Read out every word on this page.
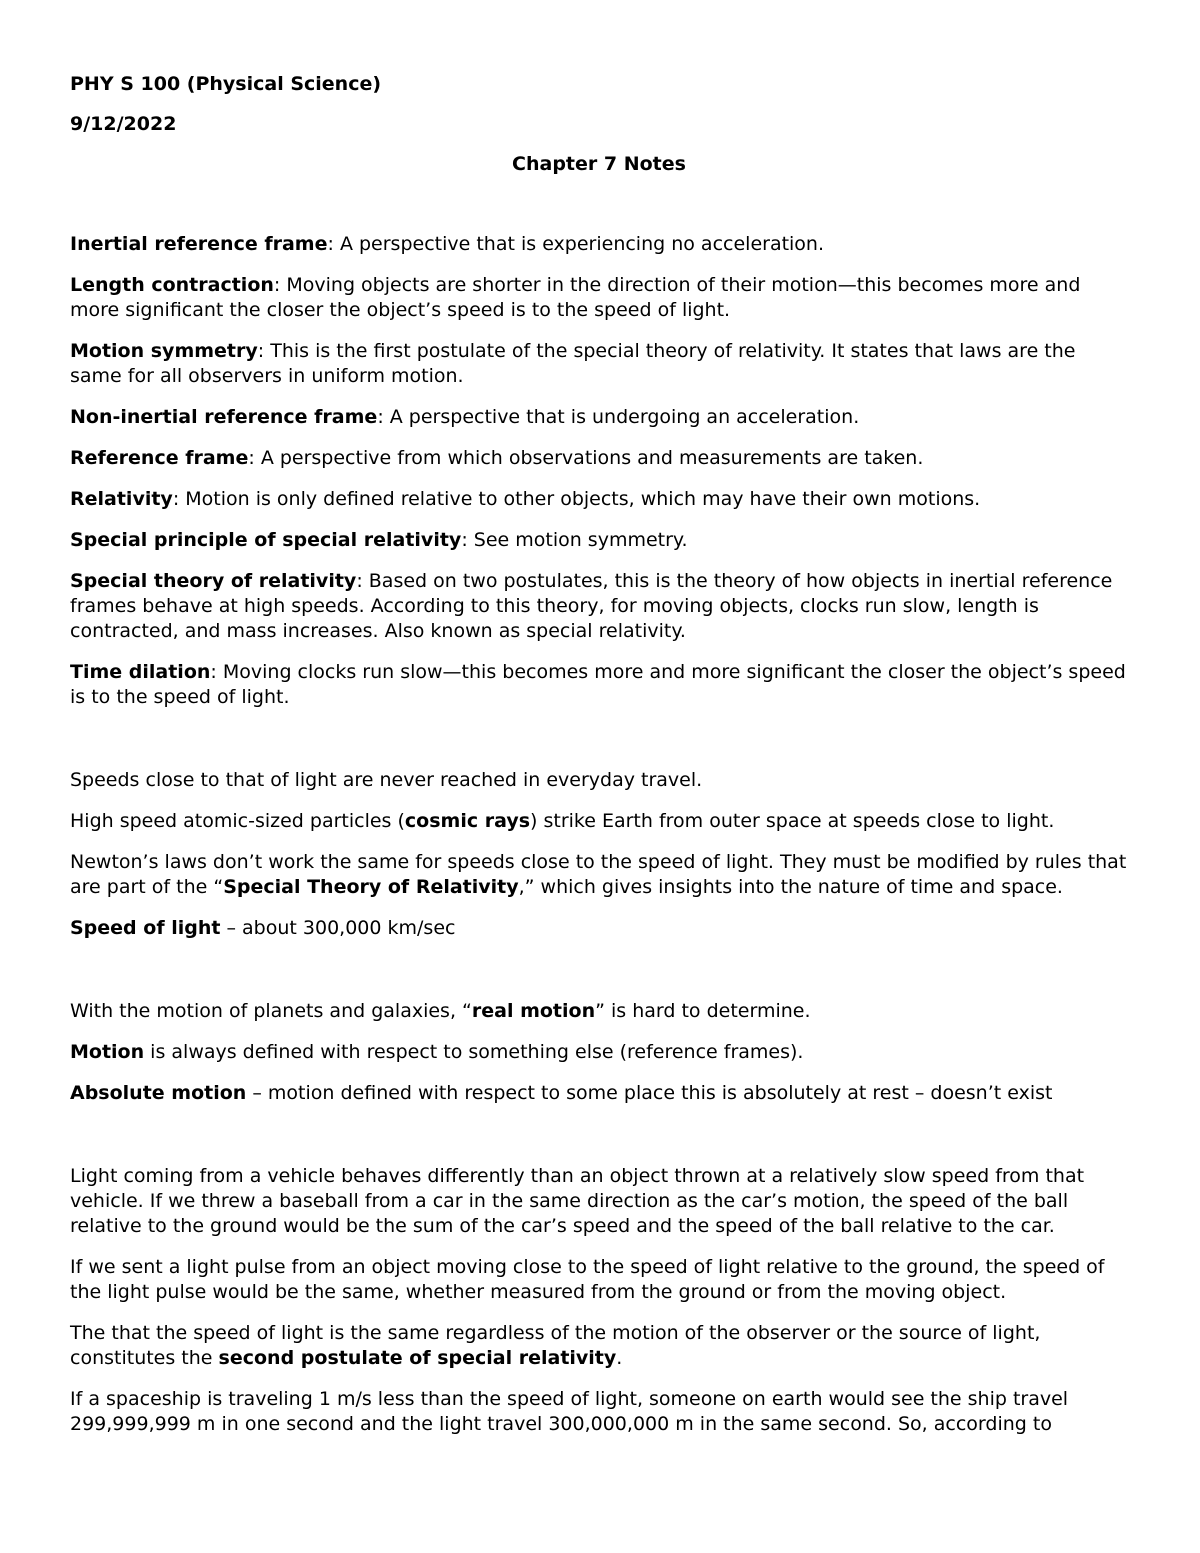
PHY S 100 (Physical Science)

9/12/2022

Chapter 7 Notes

Inertial reference frame: A perspective that is experiencing no acceleration.

Length contraction: Moving objects are shorter in the direction of their motion—this becomes more and more significant the closer the object’s speed is to the speed of light.

Motion symmetry: This is the first postulate of the special theory of relativity. It states that laws are the same for all observers in uniform motion.

Non-inertial reference frame: A perspective that is undergoing an acceleration.

Reference frame: A perspective from which observations and measurements are taken.

Relativity: Motion is only defined relative to other objects, which may have their own motions.

Special principle of special relativity: See motion symmetry.

Special theory of relativity: Based on two postulates, this is the theory of how objects in inertial reference frames behave at high speeds. According to this theory, for moving objects, clocks run slow, length is contracted, and mass increases. Also known as special relativity.

Time dilation: Moving clocks run slow—this becomes more and more significant the closer the object’s speed is to the speed of light.

Speeds close to that of light are never reached in everyday travel.

High speed atomic-sized particles (cosmic rays) strike Earth from outer space at speeds close to light.

Newton’s laws don’t work the same for speeds close to the speed of light. They must be modified by rules that are part of the “Special Theory of Relativity,” which gives insights into the nature of time and space.

Speed of light – about 300,000 km/sec

With the motion of planets and galaxies, “real motion” is hard to determine.

Motion is always defined with respect to something else (reference frames).

Absolute motion – motion defined with respect to some place this is absolutely at rest – doesn’t exist

Light coming from a vehicle behaves differently than an object thrown at a relatively slow speed from that vehicle. If we threw a baseball from a car in the same direction as the car’s motion, the speed of the ball relative to the ground would be the sum of the car’s speed and the speed of the ball relative to the car.

If we sent a light pulse from an object moving close to the speed of light relative to the ground, the speed of the light pulse would be the same, whether measured from the ground or from the moving object.

The that the speed of light is the same regardless of the motion of the observer or the source of light, constitutes the second postulate of special relativity.

If a spaceship is traveling 1 m/s less than the speed of light, someone on earth would see the ship travel 299,999,999 m in one second and the light travel 300,000,000 m in the same second. So, according to
